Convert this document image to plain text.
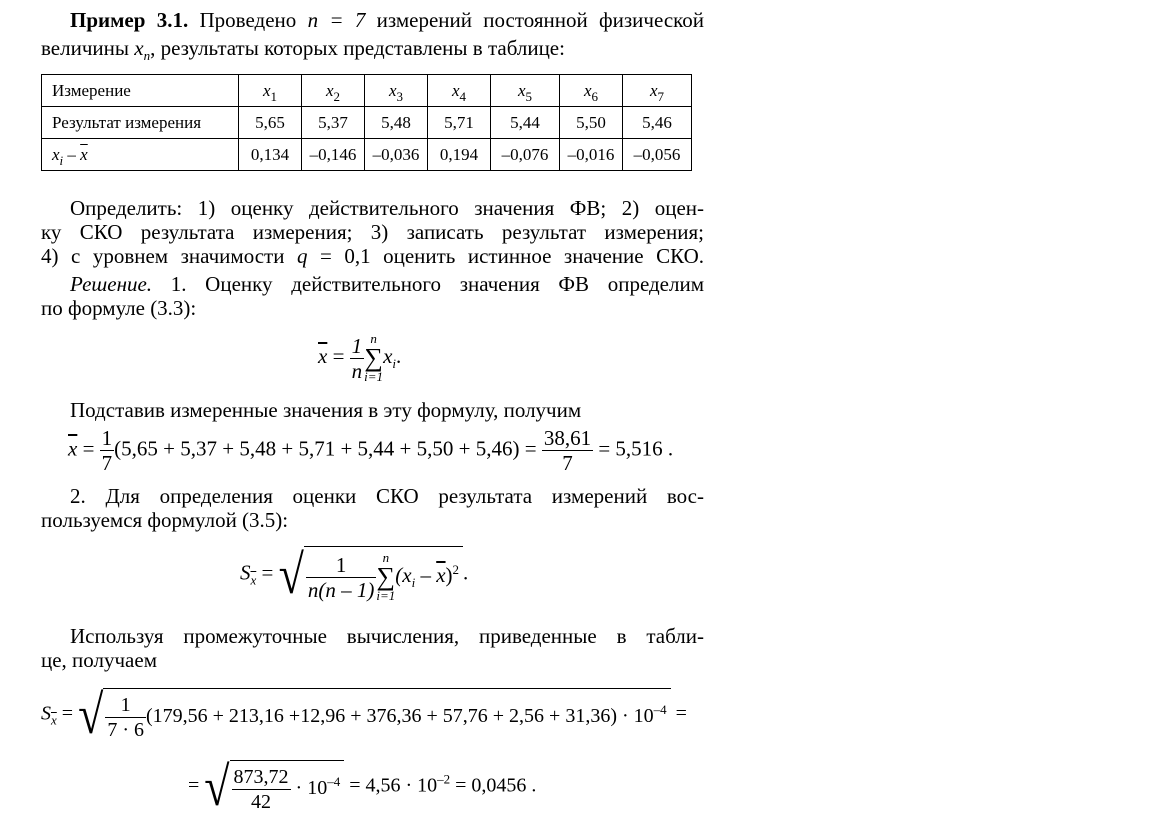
Пример 3.1. Проведено n = 7 измерений постоянной физической
величины $x_n$, результаты которых представлены в таблице:
Измерение	$x_1$	$x_2$	$x_3$	$x_4$	$x_5$	$x_6$	$x_7$
Результат измерения	5,65	5,37	5,48	5,71	5,44	5,50	5,46
$x_i - \overline{x}$	0,134	–0,146	–0,036	0,194	–0,076	–0,016	–0,056
Определить: 1) оценку действительного значения ФВ; 2) оцен-
ку СКО результата измерения; 3) записать результат измерения;
4) с уровнем значимости q = 0,1 оценить истинное значение СКО.
Решение. 1. Оценку действительного значения ФВ определим
по формуле (3.3):
$\overline{x} = \frac{1}{n}$ n
∑
i=1
$x_i$.
Подставив измеренные значения в эту формулу, получим
$\overline{x} = \frac{1}{7} (5,65 + 5,37 + 5,48 + 5,71 + 5,44 + 5,50 + 5,46) = \frac{38,61}{7} = 5,516$ .
2. Для определения оценки СКО результата измерений вос-
пользуемся формулой (3.5):
$S_{\overline{x}}$ = √ $\frac{1}{n(n - 1)}$ n
∑
i=1
$(x_i - \overline{x})^2$ .
Используя промежуточные вычисления, приведенные в табли-
це, получаем
$S_{\overline{x}}$ = √ $\frac{1}{7 \cdot 6} (179,56 + 213,16 +12,96 + 376,36 + 57,76 + 2,56 + 31,36) \cdot 10^{-4}$ =
= √ $\frac{873,72}{42} \cdot 10^{-4} = 4,56 \cdot 10^{-2} = 0,0456$ .
